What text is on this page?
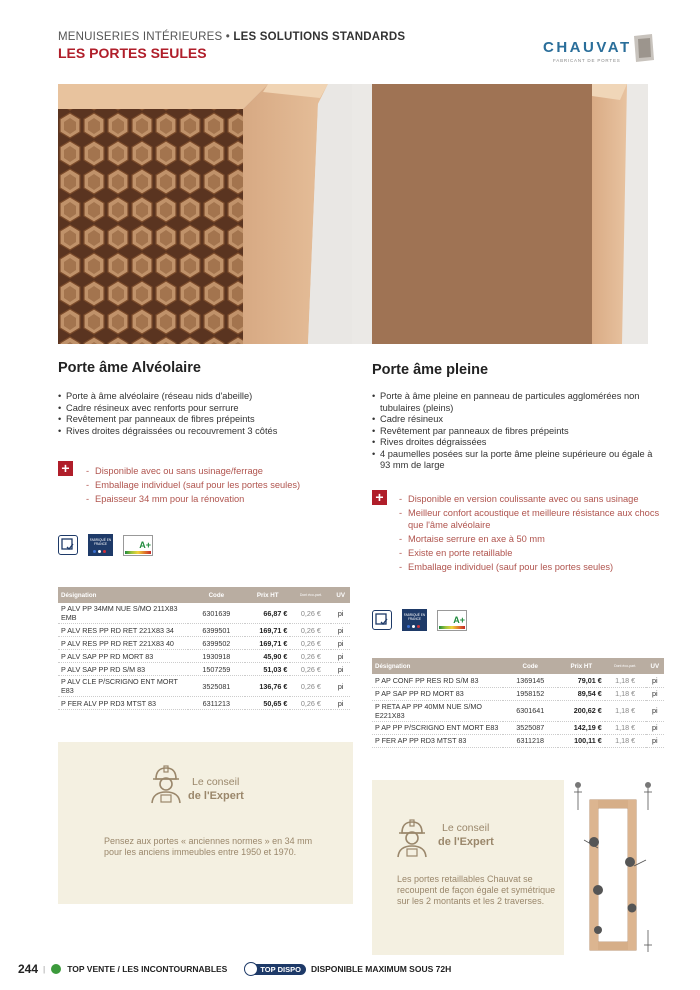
MENUISERIES INTÉRIEURES • LES SOLUTIONS STANDARDS
LES PORTES SEULES	CHAUVAT
FABRICANT DE PORTES
Porte âme Alvéolaire
• Porte à âme alvéolaire (réseau nids d'abeille)
• Cadre résineux avec renforts pour serrure
• Revêtement par panneaux de fibres prépeints
• Rives droites dégraissées ou recouvrement 3 côtés
+	- Disponible avec ou sans usinage/ferrage
- Emballage individuel (sauf pour les portes seules)
- Epaisseur 34 mm pour la rénovation
FABRIQUÉ EN FRANCE	A+
Désignation	Code	Prix HT	Dont éco-part.	UV
P ALV PP 34MM NUE S/MO 211X83 EMB	6301639	66,87 €	0,26 €	pi
P ALV RES PP RD RET 221X83 34	6399501	169,71 €	0,26 €	pi
P ALV RES PP RD RET 221X83 40	6399502	169,71 €	0,26 €	pi
P ALV SAP PP RD MORT 83	1930918	45,90 €	0,26 €	pi
P ALV SAP PP RD S/M 83	1507259	51,03 €	0,26 €	pi
P ALV CLE P/SCRIGNO ENT MORT E83	3525081	136,76 €	0,26 €	pi
P FER ALV PP RD3 MTST 83	6311213	50,65 €	0,26 €	pi
Le conseil
de l'Expert
Pensez aux portes « anciennes normes » en 34 mm pour les anciens immeubles entre 1950 et 1970.
Porte âme pleine
• Porte à âme pleine en panneau de particules agglomérées non tubulaires (pleins)
• Cadre résineux
• Revêtement par panneaux de fibres prépeints
• Rives droites dégraissées
• 4 paumelles posées sur la porte âme pleine supérieure ou égale à 93 mm de large
+	- Disponible en version coulissante avec ou sans usinage
- Meilleur confort acoustique et meilleure résistance aux chocs que l'âme alvéolaire
- Mortaise serrure en axe à 50 mm
- Existe en porte retaillable
- Emballage individuel (sauf pour les portes seules)
FABRIQUÉ EN FRANCE	A+
Désignation	Code	Prix HT	Dont éco-part.	UV
P AP CONF PP RES RD S/M 83	1369145	79,01 €	1,18 €	pi
P AP SAP PP RD MORT 83	1958152	89,54 €	1,18 €	pi
P RETA AP PP 40MM NUE S/MO E221X83	6301641	200,62 €	1,18 €	pi
P AP PP P/SCRIGNO ENT MORT E83	3525087	142,19 €	1,18 €	pi
P FER AP PP RD3 MTST 83	6311218	100,11 €	1,18 €	pi
Le conseil
de l'Expert
Les portes retaillables Chauvat se recoupent de façon égale et symétrique sur les 2 montants et les 2 traverses.
244 |	TOP VENTE / LES INCONTOURNABLES	TOP DISPO	DISPONIBLE MAXIMUM SOUS 72H
